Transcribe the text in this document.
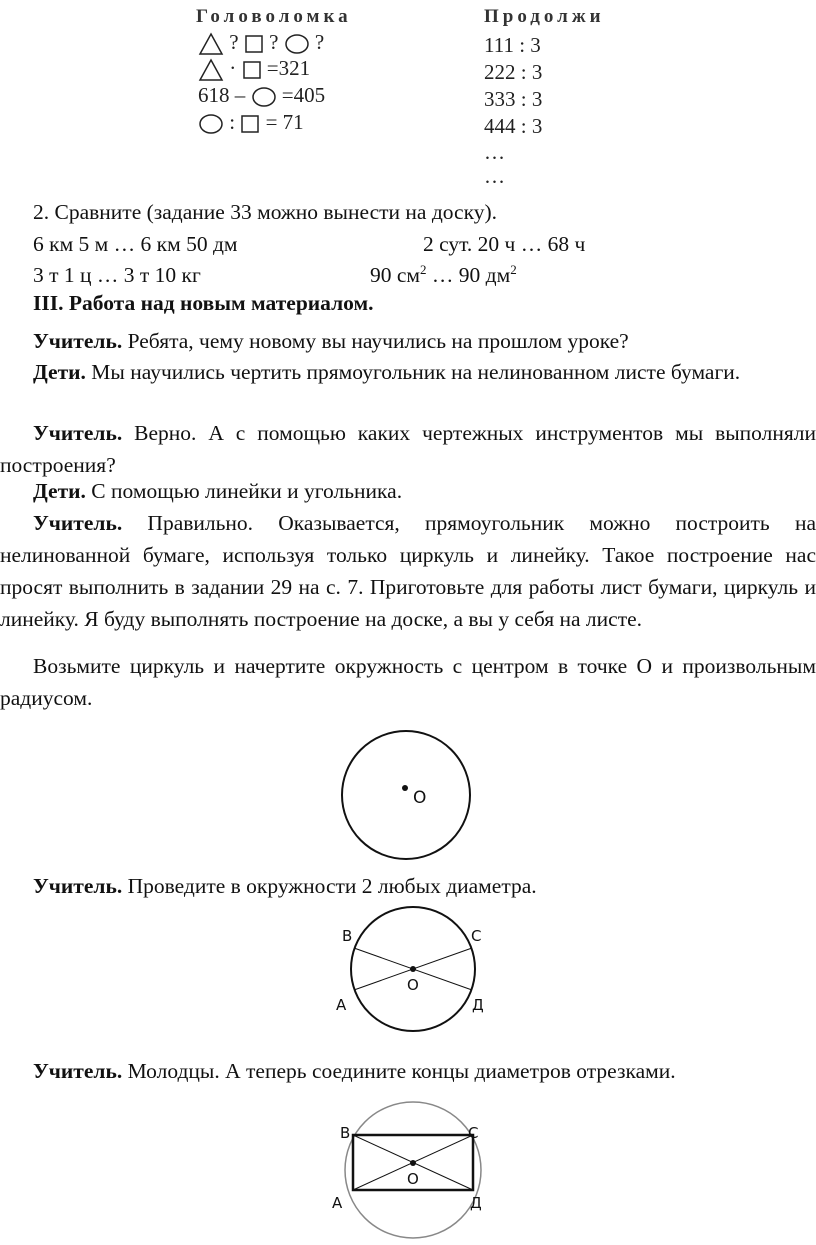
Головоломка	Продолжи
? ? ?
· =321
618 – =405
: = 71
111 : 3
222 : 3
333 : 3
444 : 3
…
…
2. Сравните (задание 33 можно вынести на доску).
6 км 5 м … 6 км 50 дм	2 сут. 20 ч … 68 ч
3 т 1 ц … 3 т 10 кг	90 $см^2$ … 90 $дм^2$
III. Работа над новым материалом.
Учитель. Ребята, чему новому вы научились на прошлом уроке?
Дети. Мы научились чертить прямоугольник на нелинованном листе бумаги.
Учитель. Верно. А с помощью каких чертежных инструментов мы выполняли построения?
Дети. С помощью линейки и угольника.
Учитель. Правильно. Оказывается, прямоугольник можно построить на нелинованной бумаге, используя только циркуль и линейку. Такое построение нас просят выполнить в задании 29 на с. 7. Приготовьте для работы лист бумаги, циркуль и линейку. Я буду выполнять построение на доске, а вы у себя на листе.
Возьмите циркуль и начертите окружность с центром в точке О и произвольным радиусом.
О
Учитель. Проведите в окружности 2 любых диаметра.
О
В	С
А	Д
Учитель. Молодцы. А теперь соедините концы диаметров отрезками.
О
В	С
А	Д
